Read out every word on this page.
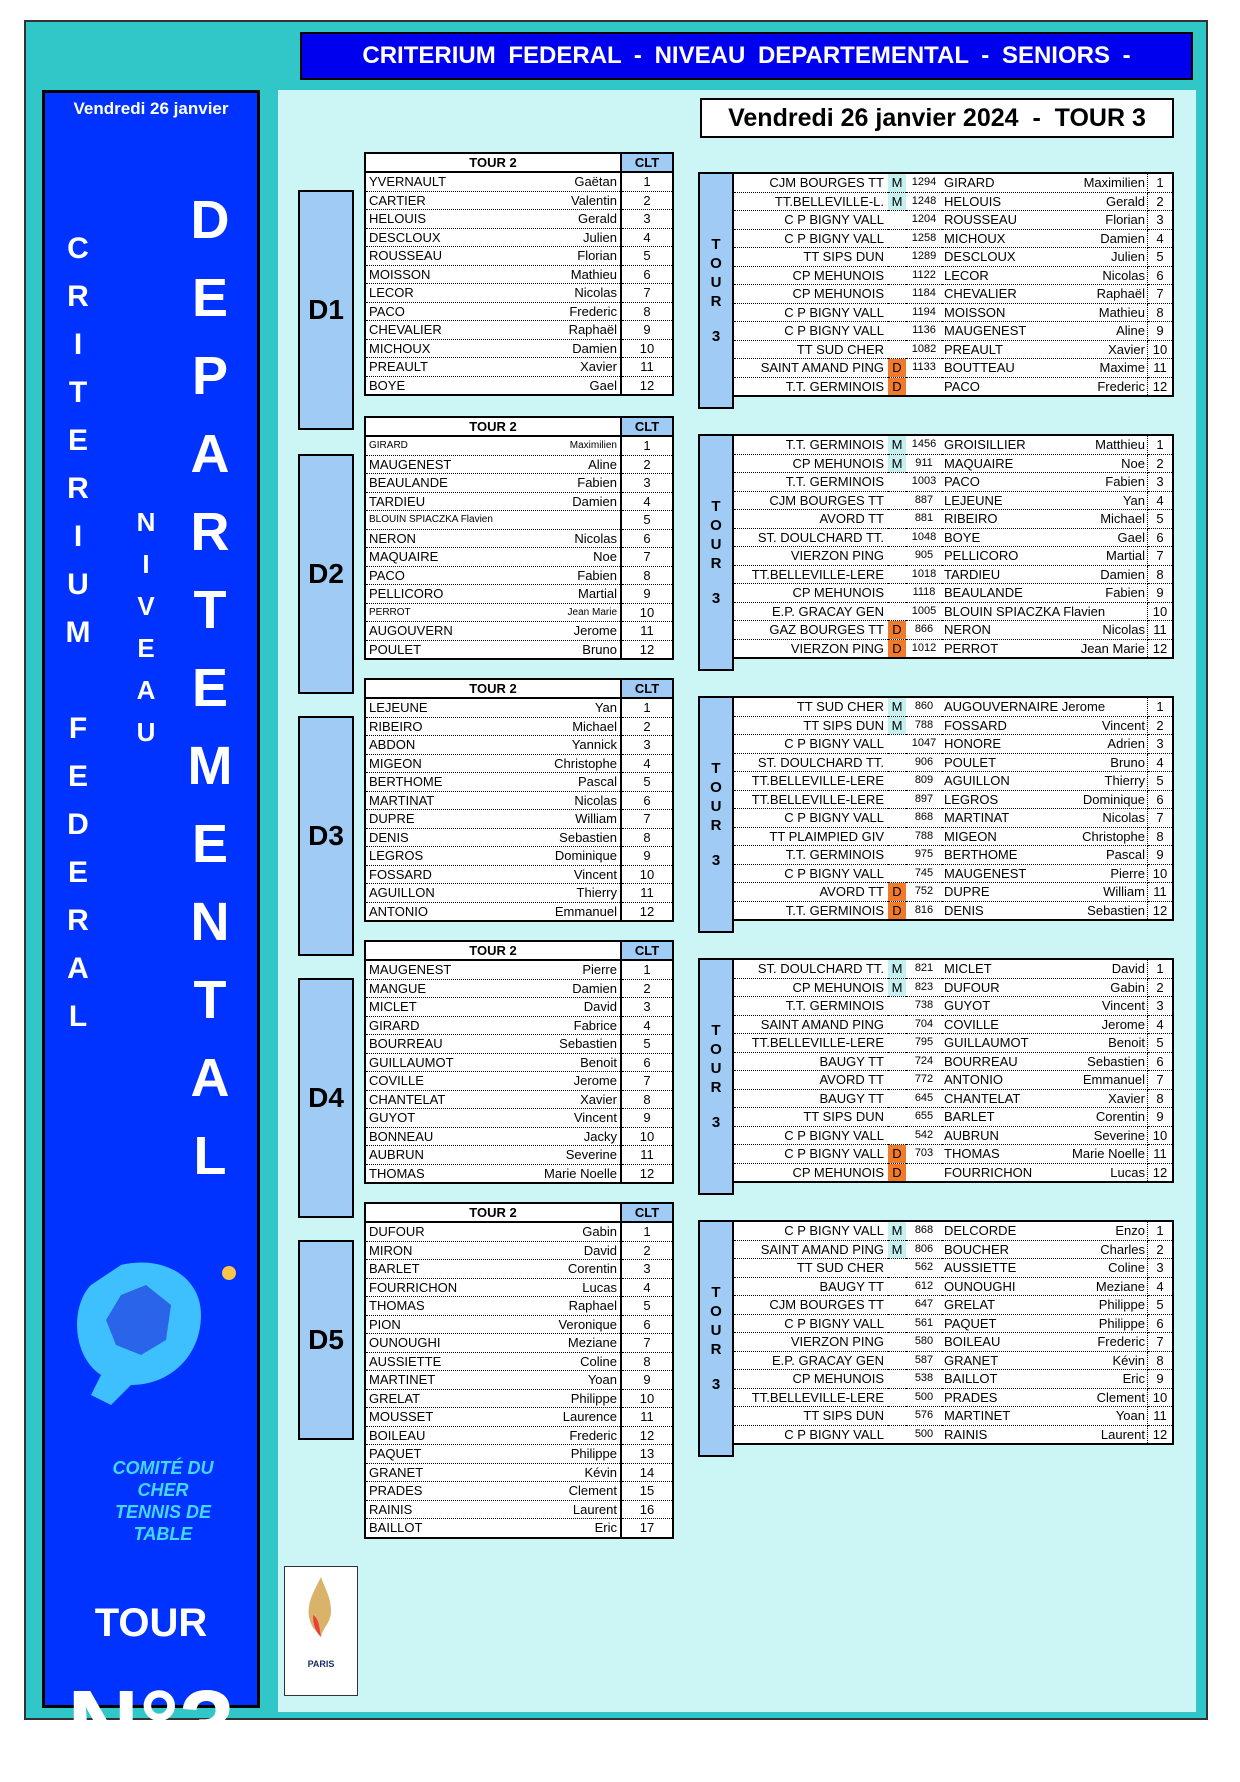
CRITERIUM FEDERAL - NIVEAU DEPARTEMENTAL - SENIORS -
Vendredi 26 janvier 2024  -  TOUR 3
Vendredi 26 janvier
C
R
I
T
E
R
I
U
M
F
E
D
E
R
A
L
N
I
V
E
A
U
D
E
P
A
R
T
E
M
E
N
T
A
L
COMITÉ DU CHER
TENNIS DE TABLE
TOUR
N°3
PARIS
D1
TOUR 2	CLT

YVERNAULT Gaëtan	1

CARTIER Valentin	2

HELOUIS Gerald	3

DESCLOUX Julien	4

ROUSSEAU Florian	5

MOISSON Mathieu	6

LECOR Nicolas	7

PACO Frederic	8

CHEVALIER Raphaël	9

MICHOUX Damien	10

PREAULT Xavier	11

BOYE Gael	12
T
O
U
R
3
CJM BOURGES TT	M	1294	GIRARD Maximilien	1
TT.BELLEVILLE-L.	M	1248	HELOUIS Gerald	2
C P BIGNY VALL		1204	ROUSSEAU Florian	3
C P BIGNY VALL		1258	MICHOUX Damien	4
TT SIPS DUN		1289	DESCLOUX Julien	5
CP MEHUNOIS		1122	LECOR Nicolas	6
CP MEHUNOIS		1184	CHEVALIER Raphaël	7
C P BIGNY VALL		1194	MOISSON Mathieu	8
C P BIGNY VALL		1136	MAUGENEST Aline	9
TT SUD CHER		1082	PREAULT Xavier	10
SAINT AMAND PING	D	1133	BOUTTEAU Maxime	11
T.T. GERMINOIS	D		PACO Frederic	12
D2
TOUR 2	CLT

GIRARD Maximilien	1

MAUGENEST Aline	2

BEAULANDE Fabien	3

TARDIEU Damien	4

BLOUIN SPIACZKA Flavien	5

NERON Nicolas	6

MAQUAIRE Noe	7

PACO Fabien	8

PELLICORO Martial	9

PERROT Jean Marie	10

AUGOUVERN Jerome	11

POULET Bruno	12
T
O
U
R
3
T.T. GERMINOIS	M	1456	GROISILLIER Matthieu	1
CP MEHUNOIS	M	911	MAQUAIRE Noe	2
T.T. GERMINOIS		1003	PACO Fabien	3
CJM BOURGES TT		887	LEJEUNE Yan	4
AVORD TT		881	RIBEIRO Michael	5
ST. DOULCHARD TT.		1048	BOYE Gael	6
VIERZON PING		905	PELLICORO Martial	7
TT.BELLEVILLE-LERE		1018	TARDIEU Damien	8
CP MEHUNOIS		1118	BEAULANDE Fabien	9
E.P. GRACAY GEN		1005	BLOUIN SPIACZKA Flavien	10
GAZ BOURGES TT	D	866	NERON Nicolas	11
VIERZON PING	D	1012	PERROT Jean Marie	12
D3
TOUR 2	CLT

LEJEUNE Yan	1

RIBEIRO Michael	2

ABDON Yannick	3

MIGEON Christophe	4

BERTHOME Pascal	5

MARTINAT Nicolas	6

DUPRE William	7

DENIS Sebastien	8

LEGROS Dominique	9

FOSSARD Vincent	10

AGUILLON Thierry	11

ANTONIO Emmanuel	12
T
O
U
R
3
TT SUD CHER	M	860	AUGOUVERNAIRE Jerome	1
TT SIPS DUN	M	788	FOSSARD Vincent	2
C P BIGNY VALL		1047	HONORE Adrien	3
ST. DOULCHARD TT.		906	POULET Bruno	4
TT.BELLEVILLE-LERE		809	AGUILLON Thierry	5
TT.BELLEVILLE-LERE		897	LEGROS Dominique	6
C P BIGNY VALL		868	MARTINAT Nicolas	7
TT PLAIMPIED GIV		788	MIGEON Christophe	8
T.T. GERMINOIS		975	BERTHOME Pascal	9
C P BIGNY VALL		745	MAUGENEST Pierre	10
AVORD TT	D	752	DUPRE William	11
T.T. GERMINOIS	D	816	DENIS Sebastien	12
D4
TOUR 2	CLT

MAUGENEST Pierre	1

MANGUE Damien	2

MICLET David	3

GIRARD Fabrice	4

BOURREAU Sebastien	5

GUILLAUMOT Benoit	6

COVILLE Jerome	7

CHANTELAT Xavier	8

GUYOT Vincent	9

BONNEAU Jacky	10

AUBRUN Severine	11

THOMAS Marie Noelle	12
T
O
U
R
3
ST. DOULCHARD TT.	M	821	MICLET David	1
CP MEHUNOIS	M	823	DUFOUR Gabin	2
T.T. GERMINOIS		738	GUYOT Vincent	3
SAINT AMAND PING		704	COVILLE Jerome	4
TT.BELLEVILLE-LERE		795	GUILLAUMOT Benoit	5
BAUGY TT		724	BOURREAU Sebastien	6
AVORD TT		772	ANTONIO Emmanuel	7
BAUGY TT		645	CHANTELAT Xavier	8
TT SIPS DUN		655	BARLET Corentin	9
C P BIGNY VALL		542	AUBRUN Severine	10
C P BIGNY VALL	D	703	THOMAS Marie Noelle	11
CP MEHUNOIS	D		FOURRICHON Lucas	12
D5
TOUR 2	CLT

DUFOUR Gabin	1

MIRON David	2

BARLET Corentin	3

FOURRICHON Lucas	4

THOMAS Raphael	5

PION Veronique	6

OUNOUGHI Meziane	7

AUSSIETTE Coline	8

MARTINET Yoan	9

GRELAT Philippe	10

MOUSSET Laurence	11

BOILEAU Frederic	12

PAQUET Philippe	13

GRANET Kévin	14

PRADES Clement	15

RAINIS Laurent	16

BAILLOT Eric	17
T
O
U
R
3
C P BIGNY VALL	M	868	DELCORDE Enzo	1
SAINT AMAND PING	M	806	BOUCHER Charles	2
TT SUD CHER		562	AUSSIETTE Coline	3
BAUGY TT		612	OUNOUGHI Meziane	4
CJM BOURGES TT		647	GRELAT Philippe	5
C P BIGNY VALL		561	PAQUET Philippe	6
VIERZON PING		580	BOILEAU Frederic	7
E.P. GRACAY GEN		587	GRANET Kévin	8
CP MEHUNOIS		538	BAILLOT Eric	9
TT.BELLEVILLE-LERE		500	PRADES Clement	10
TT SIPS DUN		576	MARTINET Yoan	11
C P BIGNY VALL		500	RAINIS Laurent	12
